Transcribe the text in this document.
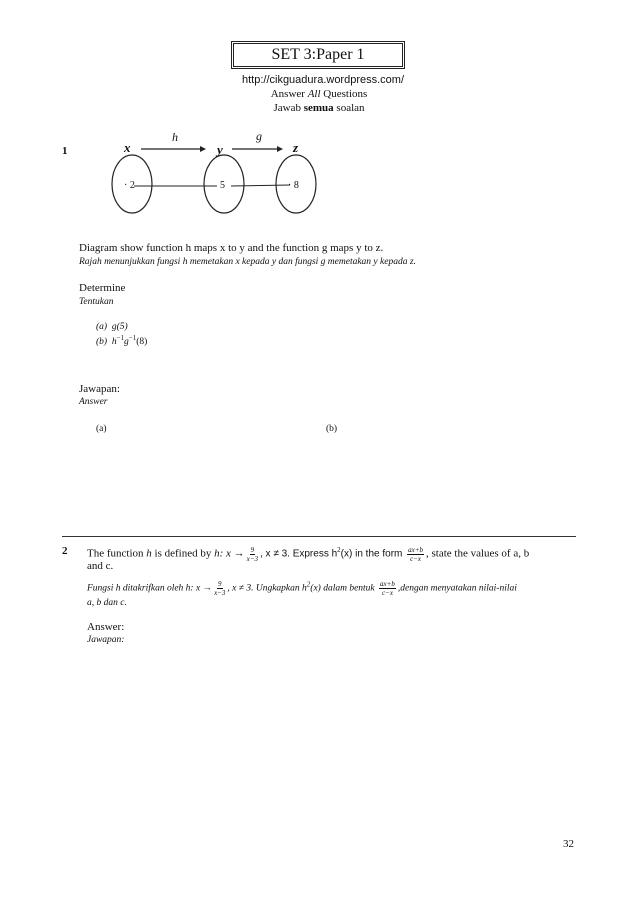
SET 3:Paper 1
http://cikguadura.wordpress.com/
Answer All Questions
Jawab semua soalan
1	x	y	z
h	g
· 2	5	· 8
Diagram show function h maps x to y and the function g maps y to z.
Rajah menunjukkan fungsi h memetakan x kepada y dan fungsi g memetakan y kepada z.
Determine
Tentukan
(a) g(5)
(b) $h^{-1}g^{-1}(8)$
Jawapan:
Answer
(a)	(b)
2 The function h is defined by h: $x \to \frac{9}{x-3}$ , x ≠ 3. Express $h^2(x)$ in the form $\frac{ax+b}{c-x}$ , state the values of a, b
and c.
Fungsi h ditakrifkan oleh h: $x \to \frac{9}{x-3}$ , x ≠ 3. Ungkapkan $h^2(x)$ dalam bentuk $\frac{ax+b}{c-x}$ ,dengan menyatakan nilai-nilai
a, b dan c.
Answer:
Jawapan:
32
